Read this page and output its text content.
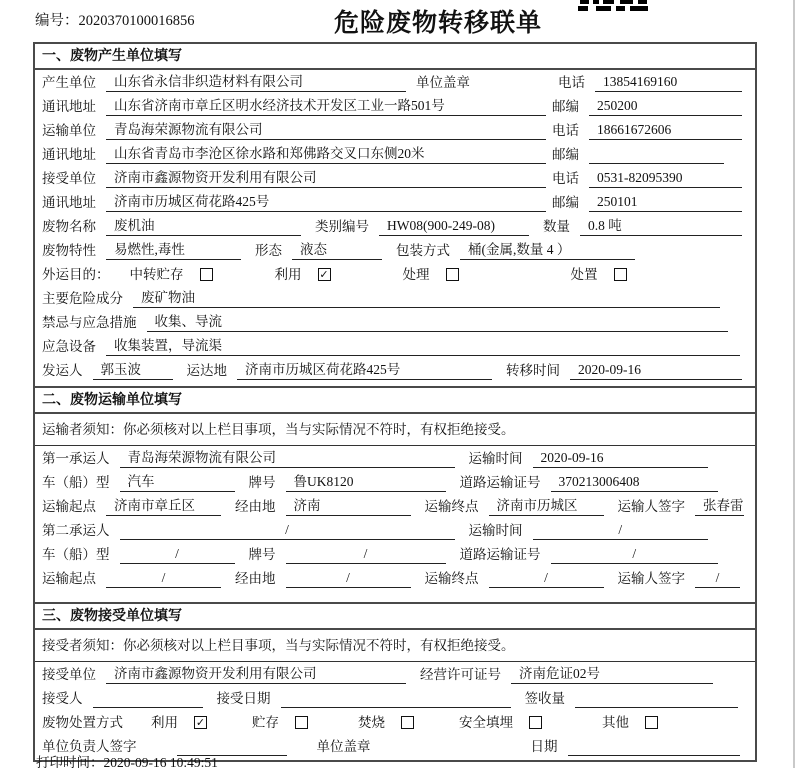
编号：2020370100016856	危险废物转移联单
一、废物产生单位填写
产生单位	山东省永信非织造材料有限公司	单位盖章	电话	13854169160
通讯地址	山东省济南市章丘区明水经济技术开发区工业一路501号	邮编	250200
运输单位	青岛海荣源物流有限公司	电话	18661672606
通讯地址	山东省青岛市李沧区徐水路和郑佛路交叉口东侧20米	邮编
接受单位	济南市鑫源物资开发利用有限公司	电话	0531-82095390
通讯地址	济南市历城区荷花路425号	邮编	250101
废物名称	废机油	类别编号	HW08(900-249-08)	数量	0.8 吨
废物特性	易燃性,毒性	形态	液态	包装方式	桶(金属,数量 4 ）
外运目的： 中转贮存	利用 ✓	处理	处置
主要危险成分	废矿物油
禁忌与应急措施	收集、导流
应急设备	收集装置，导流渠
发运人	郭玉波	运达地	济南市历城区荷花路425号	转移时间	2020-09-16
二、废物运输单位填写
运输者须知：你必须核对以上栏目事项，当与实际情况不符时，有权拒绝接受。
第一承运人	青岛海荣源物流有限公司	运输时间	2020-09-16
车（船）型	汽车	牌号	鲁UK8120	道路运输证号	370213006408
运输起点	济南市章丘区	经由地	济南	运输终点	济南市历城区	运输人签字	张春雷
第二承运人	/	运输时间	/
车（船）型	/	牌号	/	道路运输证号	/
运输起点	/	经由地	/	运输终点	/	运输人签字	/
三、废物接受单位填写
接受者须知：你必须核对以上栏目事项，当与实际情况不符时，有权拒绝接受。
接受单位	济南市鑫源物资开发利用有限公司	经营许可证号	济南危证02号
接受人	接受日期	签收量
废物处置方式 利用 ✓	贮存	焚烧	安全填埋	其他
单位负责人签字	单位盖章	日期
打印时间：2020-09-16 10:49:51
